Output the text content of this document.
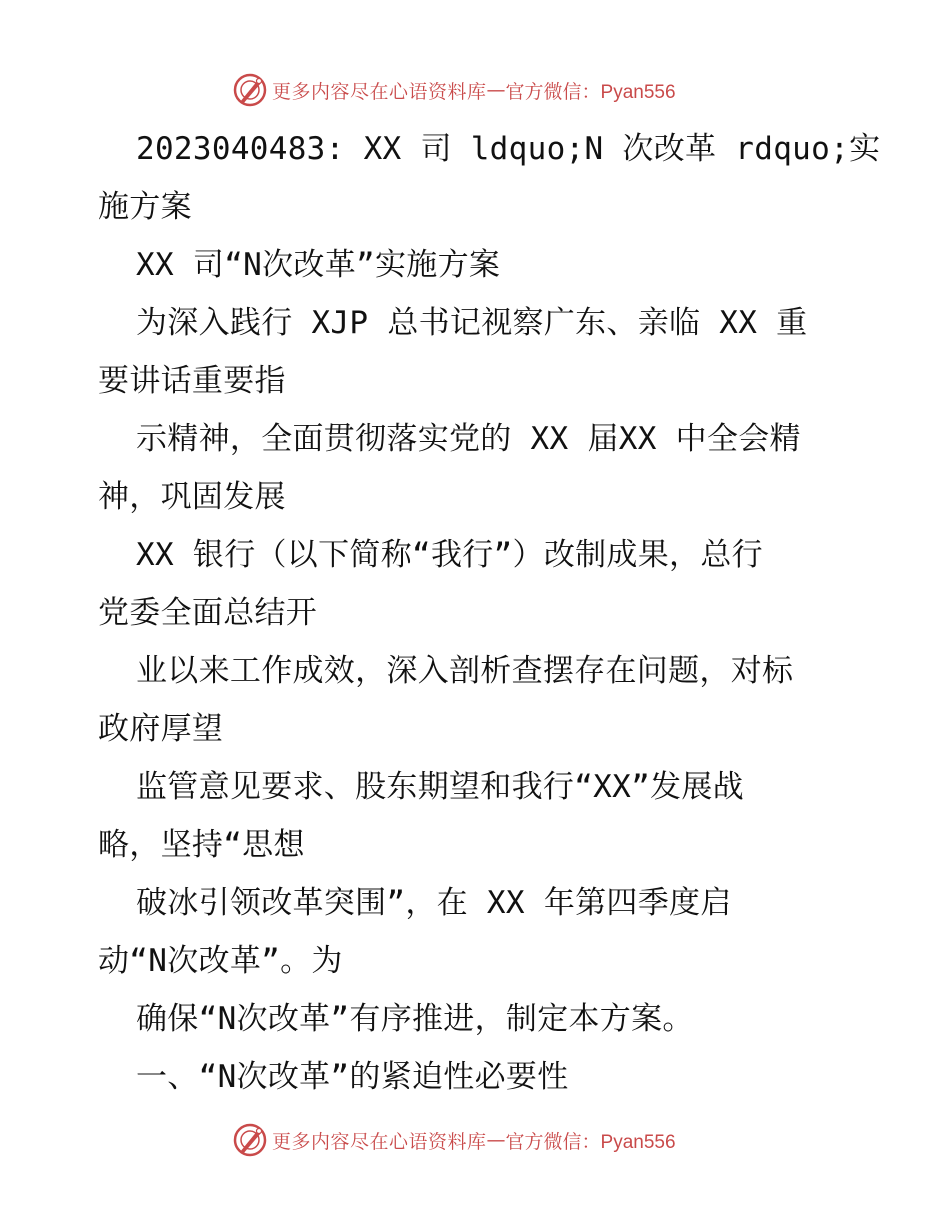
更多内容尽在心语资料库 — 官方微信：Pyan556
2023040483: XX 司 ldquo;N 次改革 rdquo;实
施方案
XX 司“N次改革”实施方案
为深入践行 XJP 总书记视察广东、亲临 XX 重
要讲话重要指
示精神，全面贯彻落实党的 XX 届XX 中全会精
神，巩固发展
XX 银行（以下简称“我行”）改制成果，总行
党委全面总结开
业以来工作成效，深入剖析查摆存在问题，对标
政府厚望
监管意见要求、股东期望和我行“XX”发展战
略，坚持“思想
破冰引领改革突围”，在 XX 年第四季度启
动“N次改革”。为
确保“N次改革”有序推进，制定本方案。
一、“N次改革”的紧迫性必要性
更多内容尽在心语资料库 — 官方微信：Pyan556
